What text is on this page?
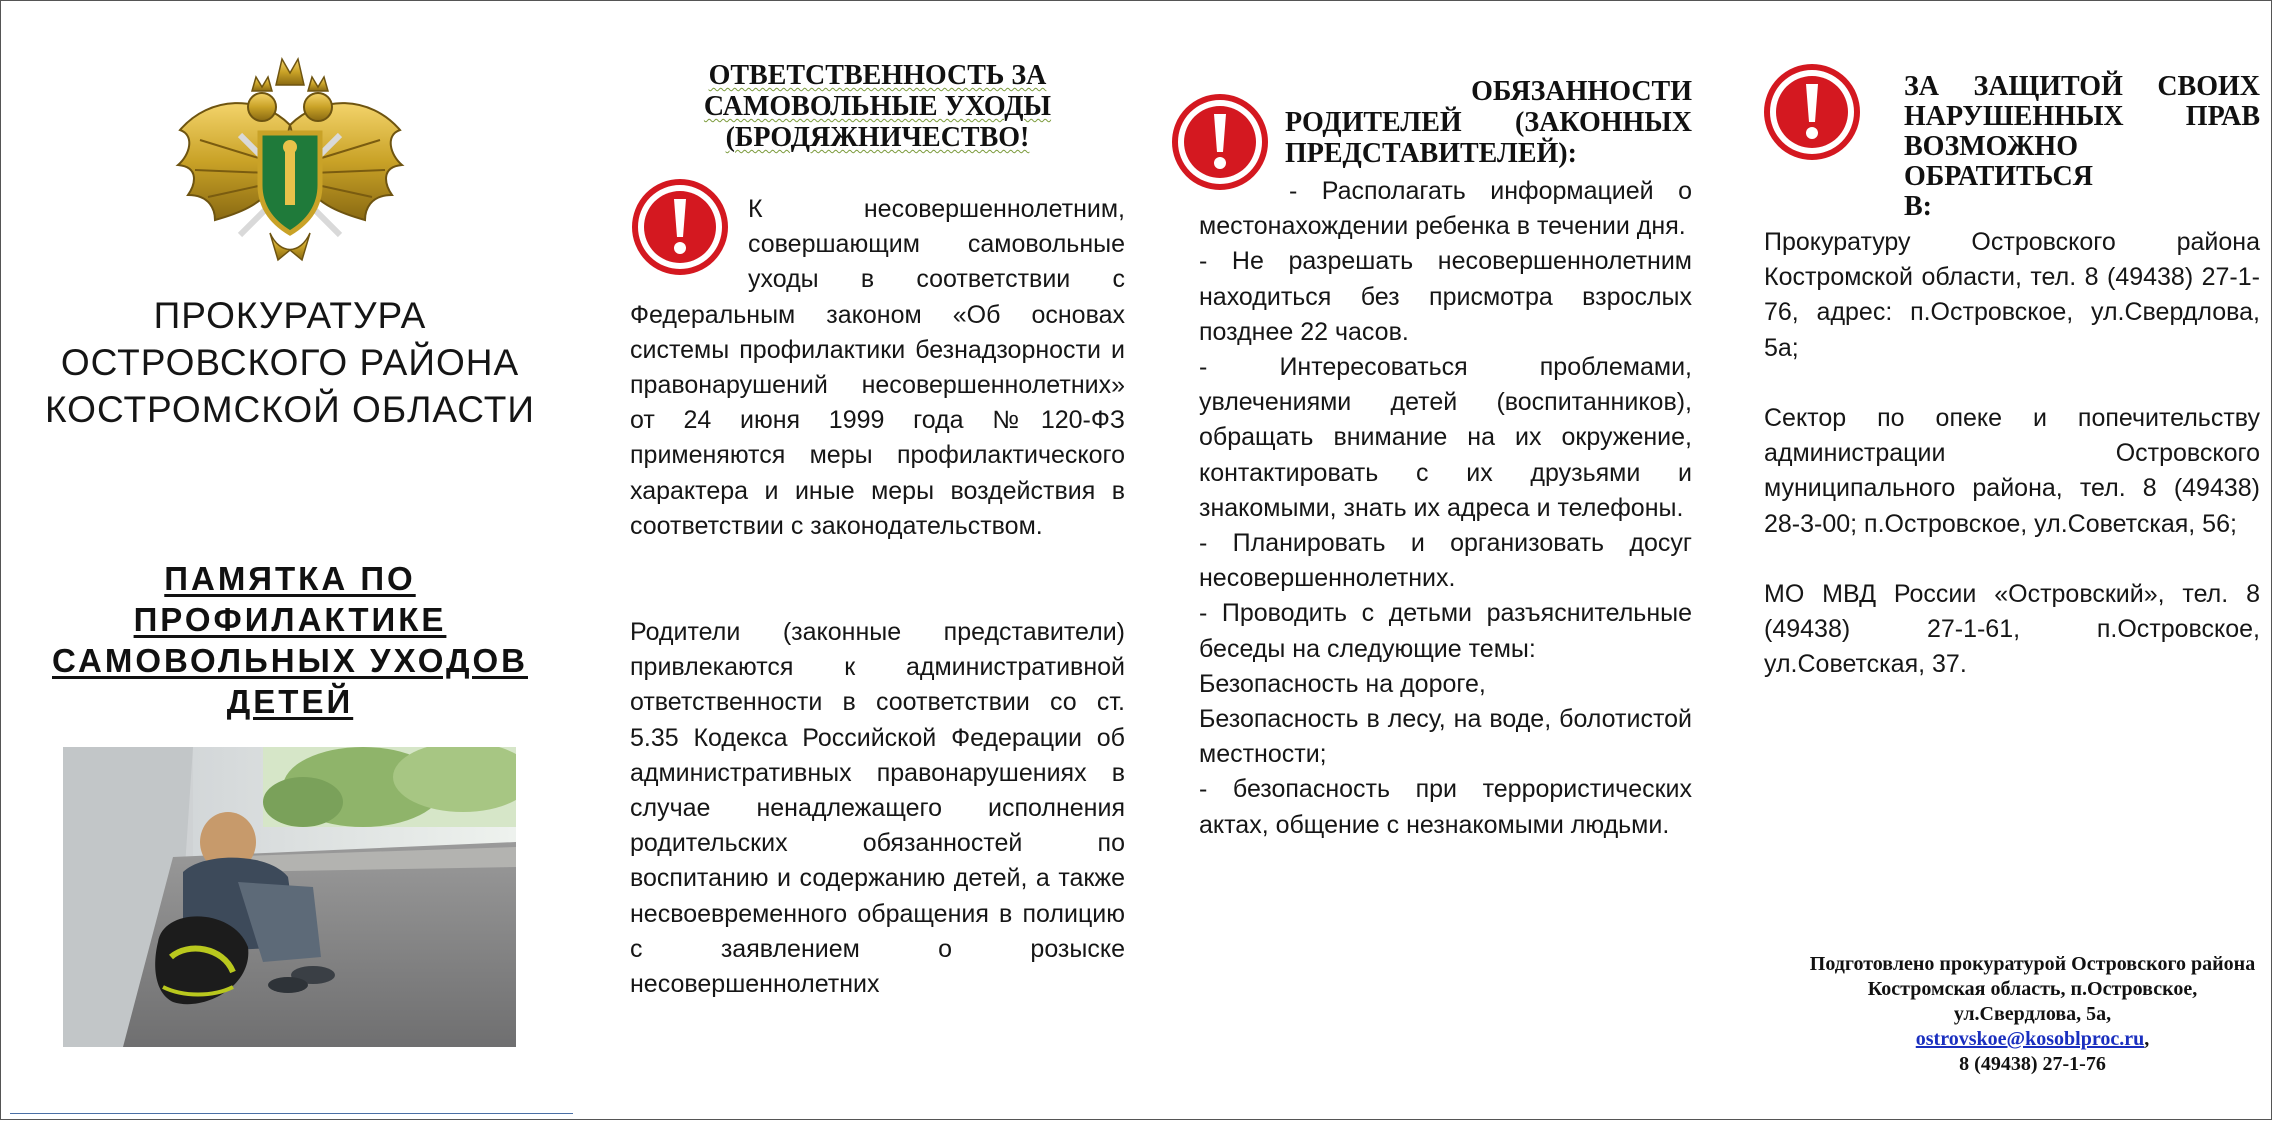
ПРОКУРАТУРА
ОСТРОВСКОГО РАЙОНА
КОСТРОМСКОЙ ОБЛАСТИ
ПАМЯТКА ПО
ПРОФИЛАКТИКЕ
САМОВОЛЬНЫХ УХОДОВ
ДЕТЕЙ
ОТВЕТСТВЕННОСТЬ ЗА
САМОВОЛЬНЫЕ УХОДЫ
(БРОДЯЖНИЧЕСТВО!

К несовершеннолетним, совершающим самовольные уходы в соответствии с Федеральным законом «Об основах системы профилактики безнадзорности и правонарушений несовершеннолетних» от 24 июня 1999 года №120-ФЗ применяются меры профилактического характера и иные меры воздействия в соответствии с законодательством.

Родители (законные представители) привлекаются к административной ответственности в соответствии со ст. 5.35 Кодекса Российской Федерации об административных правонарушениях в случае ненадлежащего исполнения родительских обязанностей по воспитанию и содержанию детей, а также несвоевременного обращения в полицию с заявлением о розыске несовершеннолетних

ОБЯЗАННОСТИ
РОДИТЕЛЕЙ (ЗАКОННЫХ
ПРЕДСТАВИТЕЛЕЙ):

- Располагать информацией о местонахождении ребенка в течении дня.

- Не разрешать несовершеннолетним находиться без присмотра взрослых позднее 22 часов.

- Интересоваться проблемами, увлечениями детей (воспитанников), обращать внимание на их окружение, контактировать с их друзьями и знакомыми, знать их адреса и телефоны.

- Планировать и организовать досуг несовершеннолетних.

- Проводить с детьми разъяснительные беседы на следующие темы:

Безопасность на дороге,

Безопасность в лесу, на воде, болотистой местности;

- безопасность при террористических актах, общение с незнакомыми людьми.

ЗА ЗАЩИТОЙ СВОИХ
НАРУШЕННЫХ ПРАВ
ВОЗМОЖНО ОБРАТИТЬСЯ
В:

Прокуратуру Островского района Костромской области, тел. 8 (49438) 27-1-76, адрес: п.Островское, ул.Свердлова, 5а;

Сектор по опеке и попечительству администрации Островского муниципального района, тел. 8 (49438) 28-3-00; п.Островское, ул.Советская, 56;

МО МВД России «Островский», тел. 8 (49438) 27-1-61, п.Островское, ул.Советская, 37.

Подготовлено прокуратурой Островского района
Костромская область, п.Островское, ул.Свердлова, 5а,
ostrovskoe@kosoblproc.ru,
8 (49438) 27-1-76
